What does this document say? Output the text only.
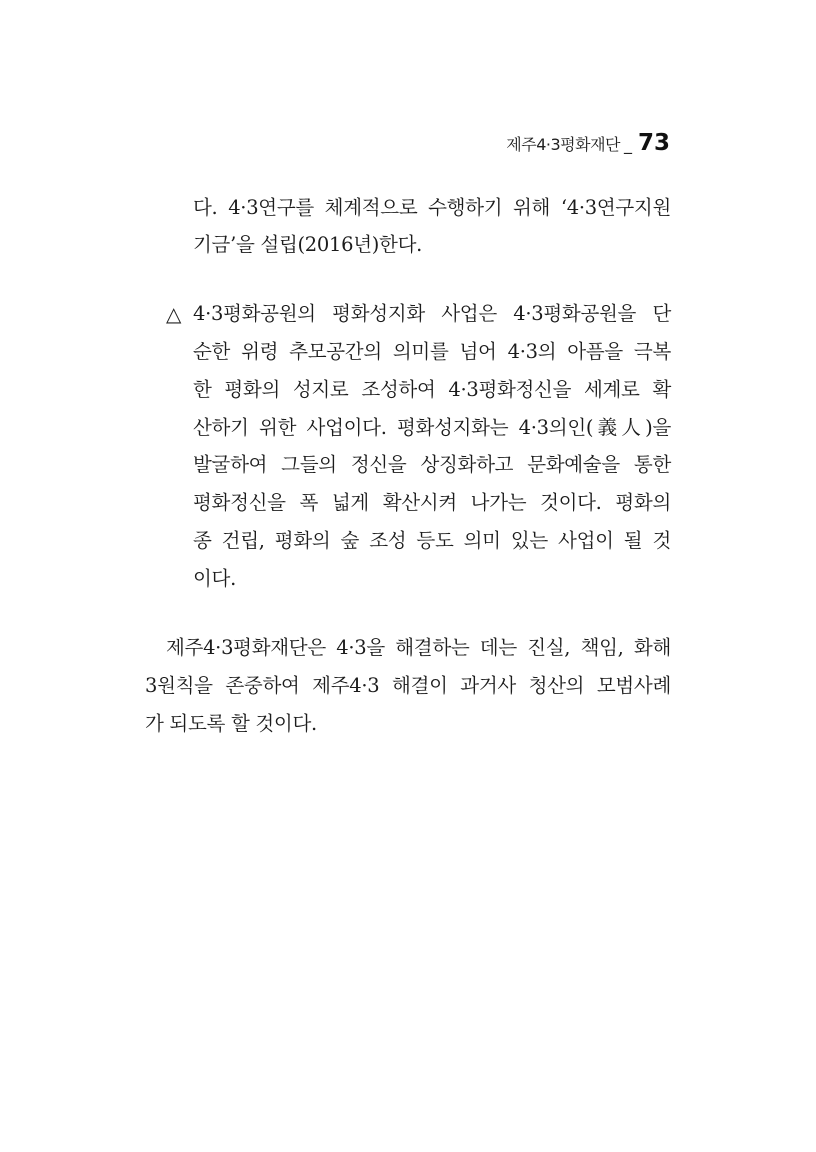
제주4·3평화재단 _ 73
다. 4·3연구를 체계적으로 수행하기 위해 ‘4·3연구지원
기금’을 설립(2016년)한다.
△ 4·3평화공원의 평화성지화 사업은 4·3평화공원을 단
순한 위령 추모공간의 의미를 넘어 4·3의 아픔을 극복
한 평화의 성지로 조성하여 4·3평화정신을 세계로 확
산하기 위한 사업이다. 평화성지화는 4·3의인(義人)을
발굴하여 그들의 정신을 상징화하고 문화예술을 통한
평화정신을 폭 넓게 확산시켜 나가는 것이다. 평화의
종 건립, 평화의 숲 조성 등도 의미 있는 사업이 될 것
이다.
제주4·3평화재단은 4·3을 해결하는 데는 진실, 책임, 화해
3원칙을 존중하여 제주4·3 해결이 과거사 청산의 모범사례
가 되도록 할 것이다.
